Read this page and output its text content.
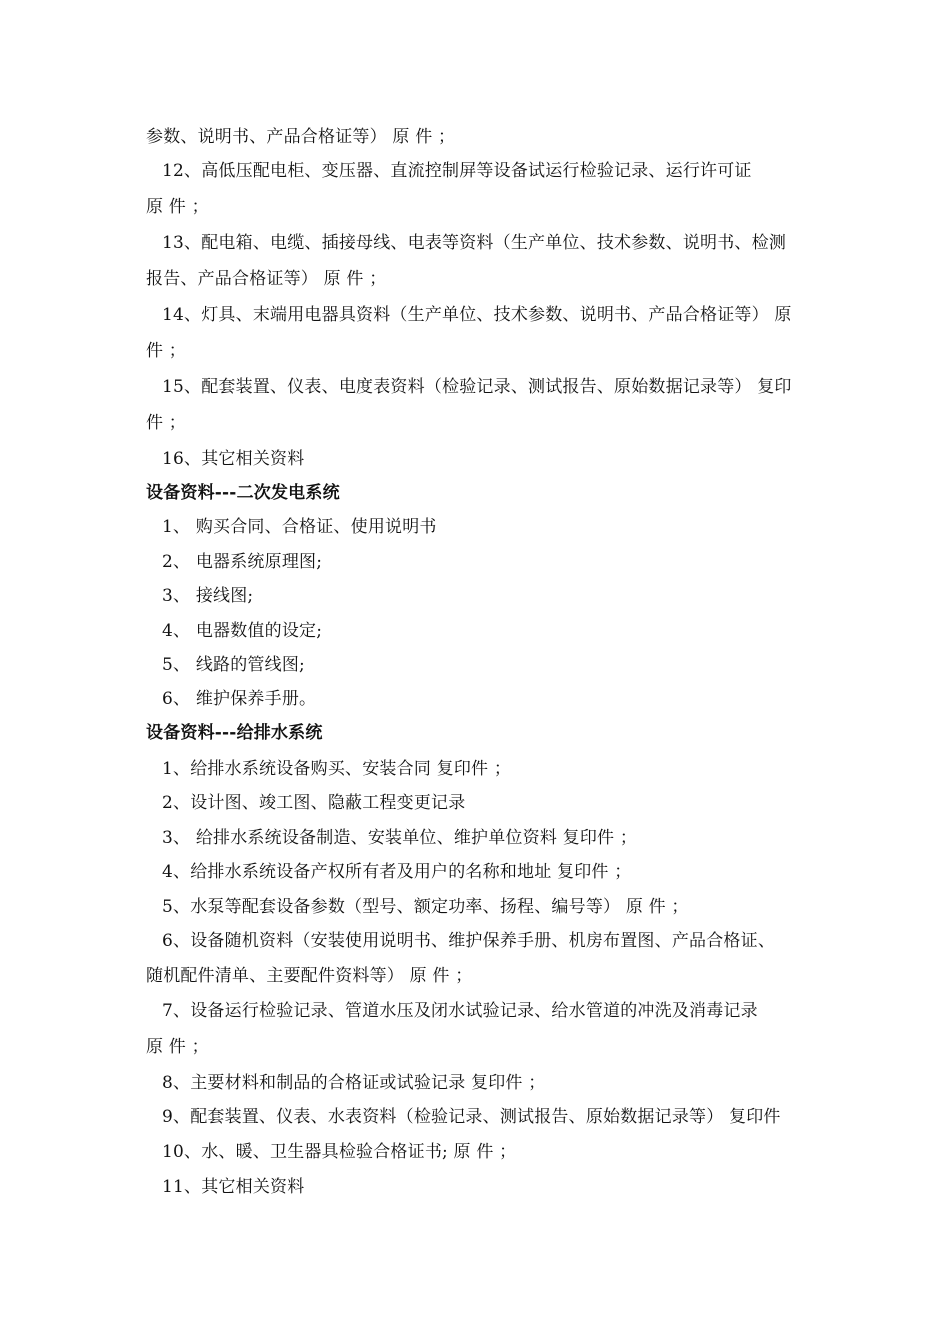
参数、说明书、产品合格证等） 原 件 ；
12、高低压配电柜、变压器、直流控制屏等设备试运行检验记录、运行许可证
原 件 ；
13、配电箱、电缆、插接母线、电表等资料（生产单位、技术参数、说明书、检测
报告、产品合格证等） 原 件 ；
14、灯具、末端用电器具资料（生产单位、技术参数、说明书、产品合格证等） 原
件 ；
15、配套装置、仪表、电度表资料（检验记录、测试报告、原始数据记录等） 复印
件 ；
16、其它相关资料
设备资料---二次发电系统
1、 购买合同、合格证、使用说明书
2、 电器系统原理图;
3、 接线图;
4、 电器数值的设定;
5、 线路的管线图;
6、 维护保养手册。
设备资料---给排水系统
1、给排水系统设备购买、安装合同 复印件 ；
2、设计图、竣工图、隐蔽工程变更记录
3、 给排水系统设备制造、安装单位、维护单位资料 复印件 ；
4、给排水系统设备产权所有者及用户的名称和地址 复印件 ；
5、水泵等配套设备参数（型号、额定功率、扬程、编号等） 原 件 ；
6、设备随机资料（安装使用说明书、维护保养手册、机房布置图、产品合格证、
随机配件清单、主要配件资料等） 原 件 ；
7、设备运行检验记录、管道水压及闭水试验记录、给水管道的冲洗及消毒记录
原 件 ；
8、主要材料和制品的合格证或试验记录 复印件 ；
9、配套装置、仪表、水表资料（检验记录、测试报告、原始数据记录等） 复印件
10、水、暖、卫生器具检验合格证书; 原 件 ；
11、其它相关资料
